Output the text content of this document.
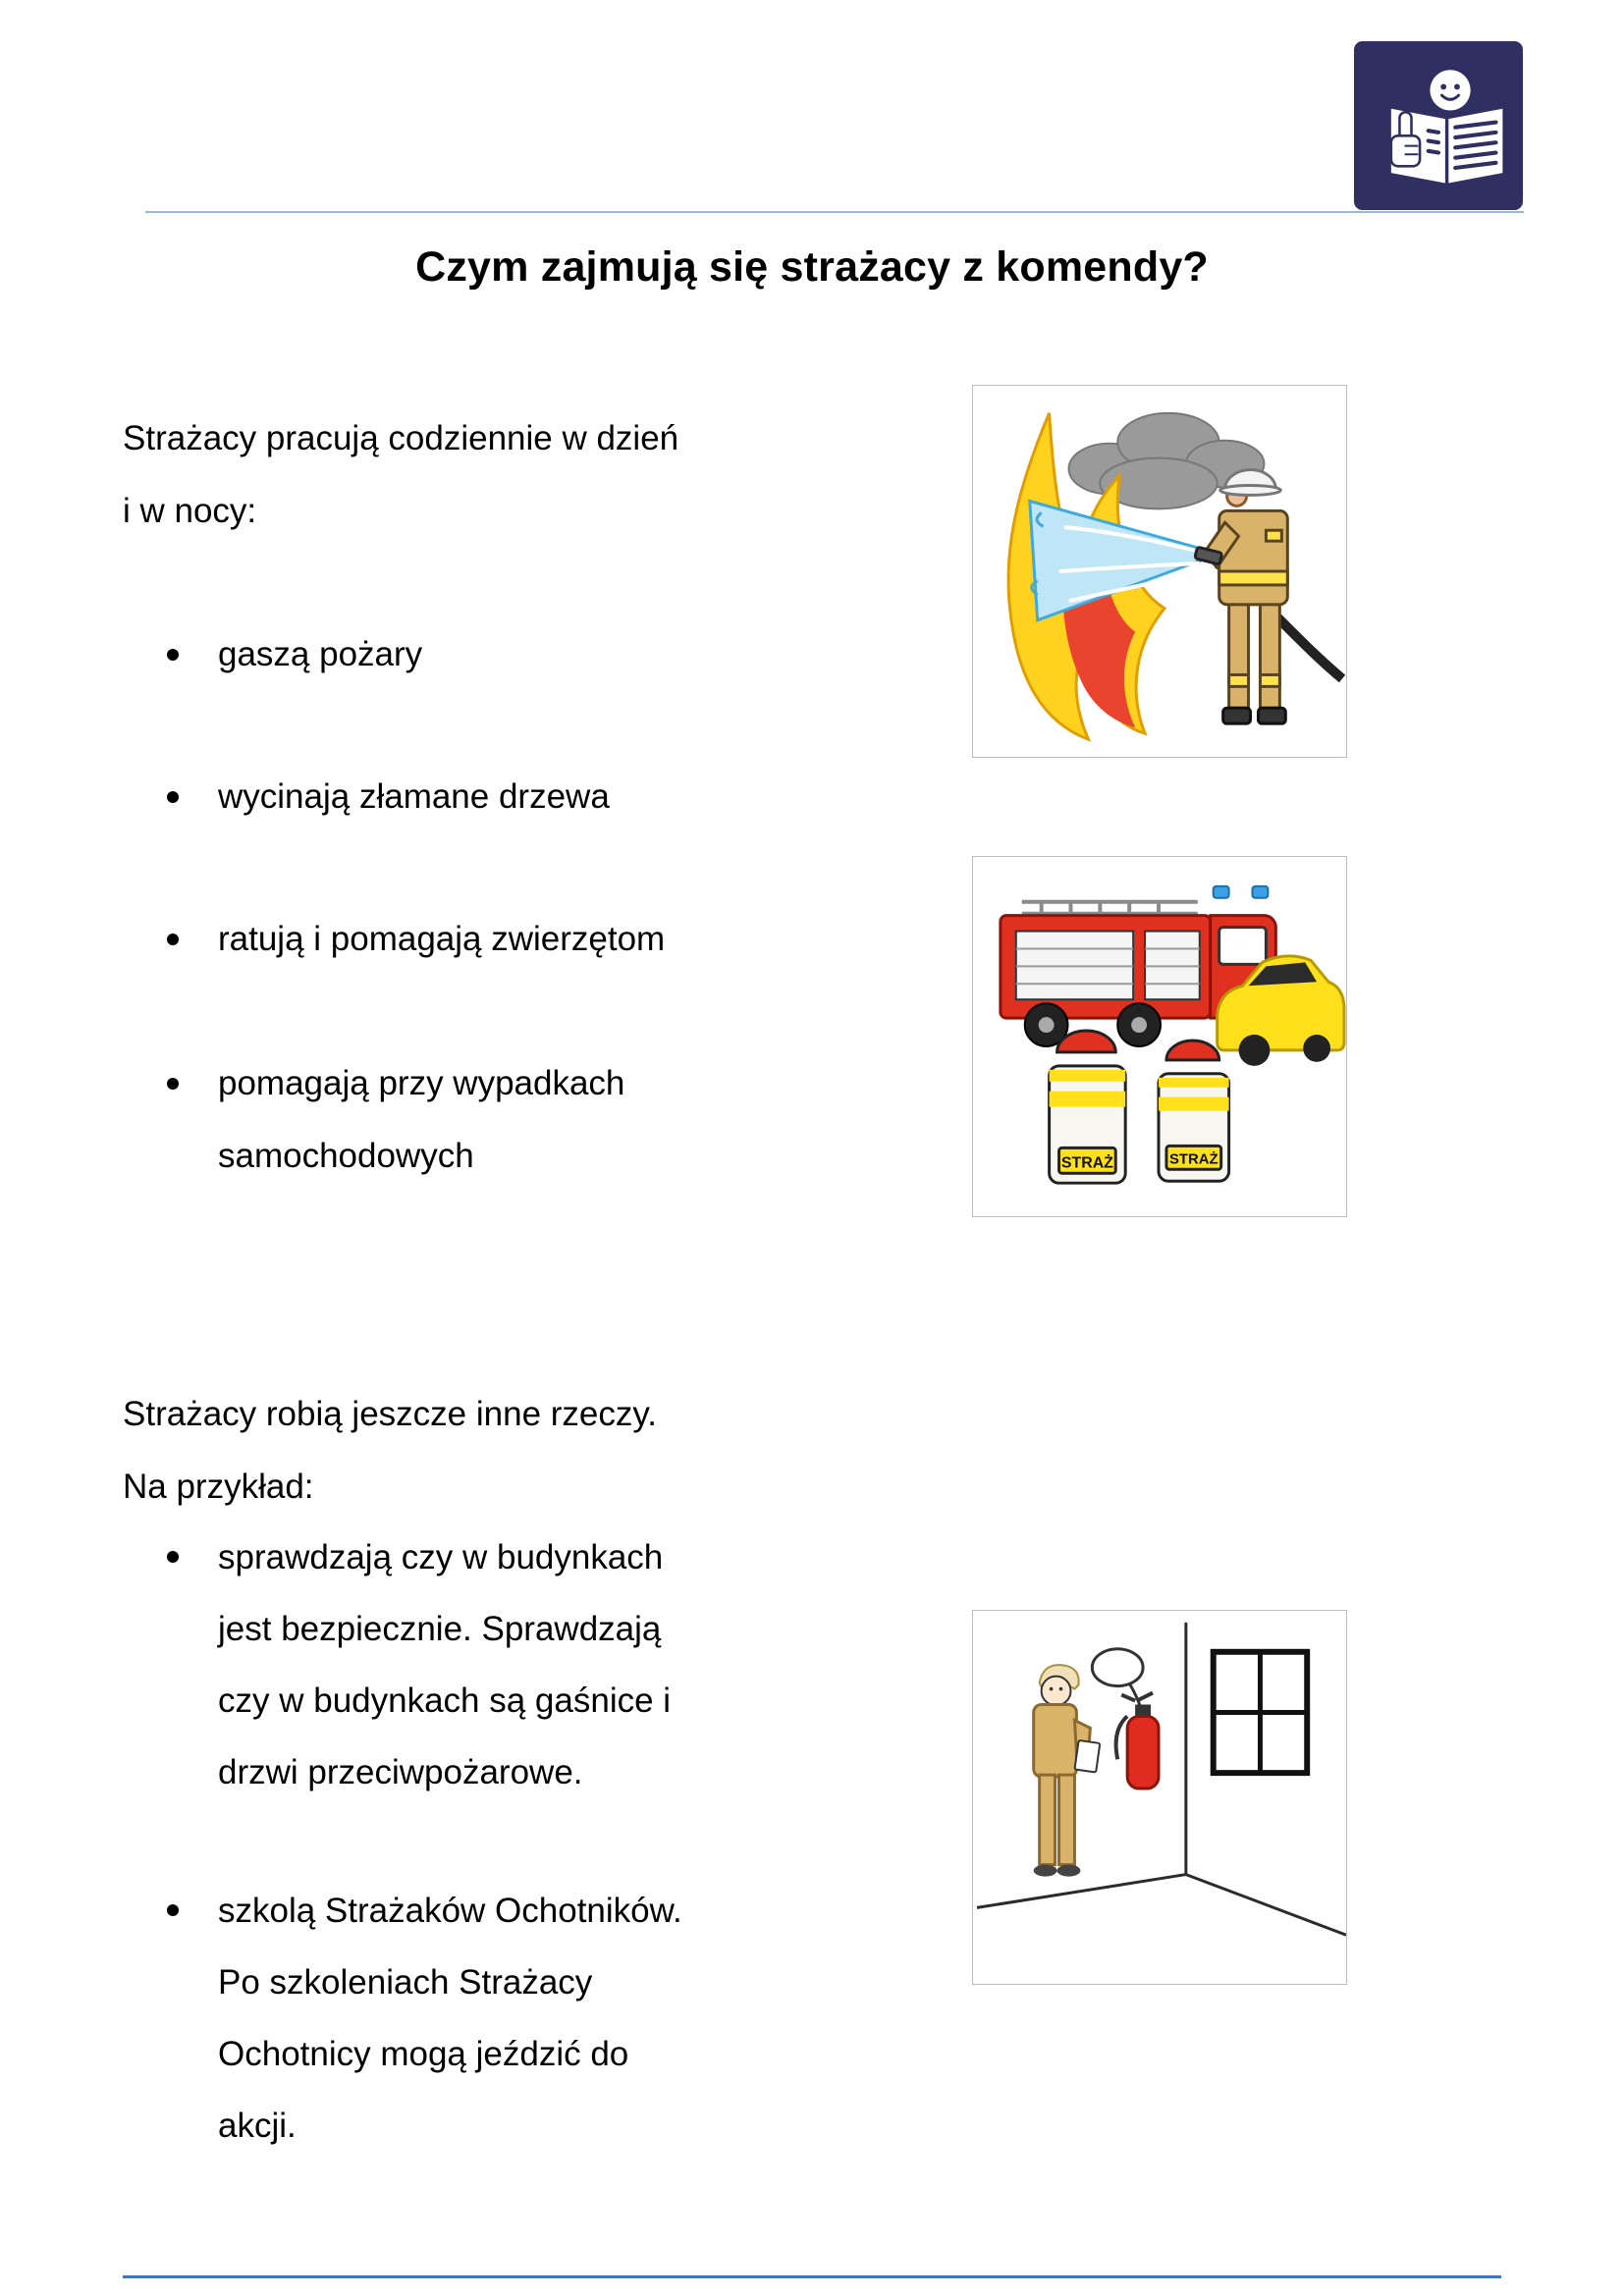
Czym zajmują się strażacy z komendy?
Strażacy pracują codziennie w dzień
i w nocy:
gaszą pożary
wycinają złamane drzewa
ratują i pomagają zwierzętom
pomagają przy wypadkach
samochodowych
Strażacy robią jeszcze inne rzeczy.
Na przykład:
sprawdzają czy w budynkach
jest bezpiecznie. Sprawdzają
czy w budynkach są gaśnice i
drzwi przeciwpożarowe.
szkolą Strażaków Ochotników.
Po szkoleniach Strażacy
Ochotnicy mogą jeździć do
akcji.
STRAŻ	STRAŻ
